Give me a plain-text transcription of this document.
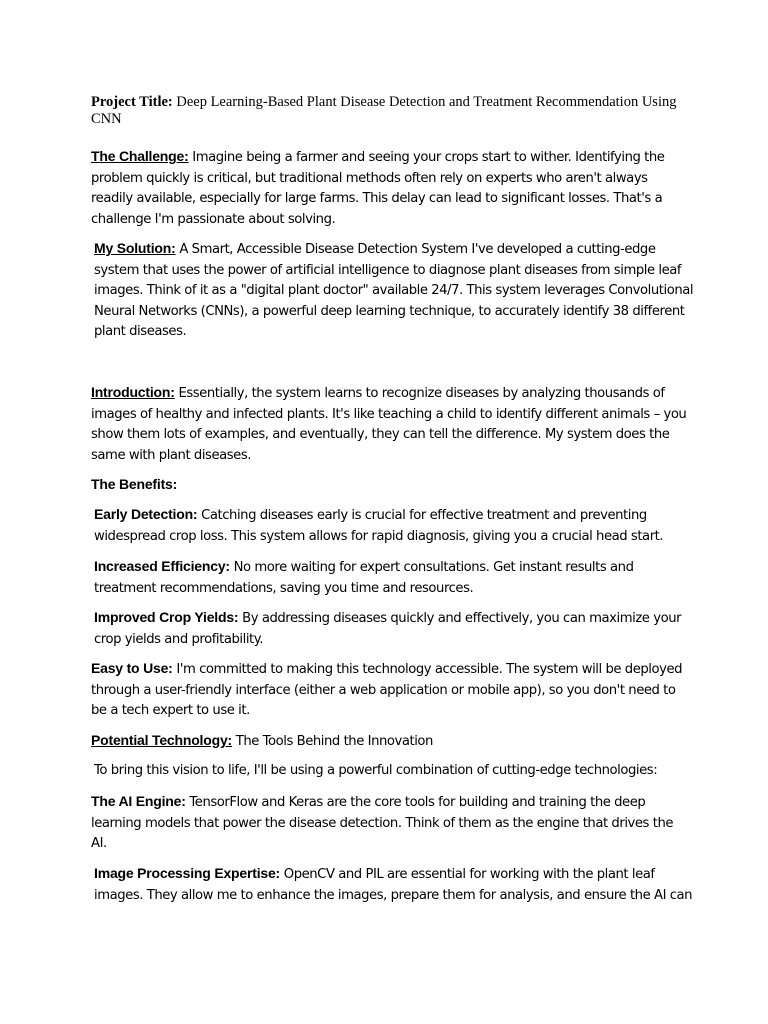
Project Title: Deep Learning-Based Plant Disease Detection and Treatment Recommendation Using CNN
The Challenge: Imagine being a farmer and seeing your crops start to wither. Identifying the problem quickly is critical, but traditional methods often rely on experts who aren't always readily available, especially for large farms. This delay can lead to significant losses. That's a challenge I'm passionate about solving.
My Solution: A Smart, Accessible Disease Detection System I've developed a cutting-edge system that uses the power of artificial intelligence to diagnose plant diseases from simple leaf images. Think of it as a "digital plant doctor" available 24/7. This system leverages Convolutional Neural Networks (CNNs), a powerful deep learning technique, to accurately identify 38 different plant diseases.
Introduction: Essentially, the system learns to recognize diseases by analyzing thousands of images of healthy and infected plants. It's like teaching a child to identify different animals – you show them lots of examples, and eventually, they can tell the difference. My system does the same with plant diseases.
The Benefits:
Early Detection: Catching diseases early is crucial for effective treatment and preventing widespread crop loss. This system allows for rapid diagnosis, giving you a crucial head start.
Increased Efficiency: No more waiting for expert consultations. Get instant results and treatment recommendations, saving you time and resources.
Improved Crop Yields: By addressing diseases quickly and effectively, you can maximize your crop yields and profitability.
Easy to Use: I'm committed to making this technology accessible. The system will be deployed through a user-friendly interface (either a web application or mobile app), so you don't need to be a tech expert to use it.
Potential Technology: The Tools Behind the Innovation
To bring this vision to life, I'll be using a powerful combination of cutting-edge technologies:
The AI Engine: TensorFlow and Keras are the core tools for building and training the deep learning models that power the disease detection. Think of them as the engine that drives the AI.
Image Processing Expertise: OpenCV and PIL are essential for working with the plant leaf images. They allow me to enhance the images, prepare them for analysis, and ensure the AI can
